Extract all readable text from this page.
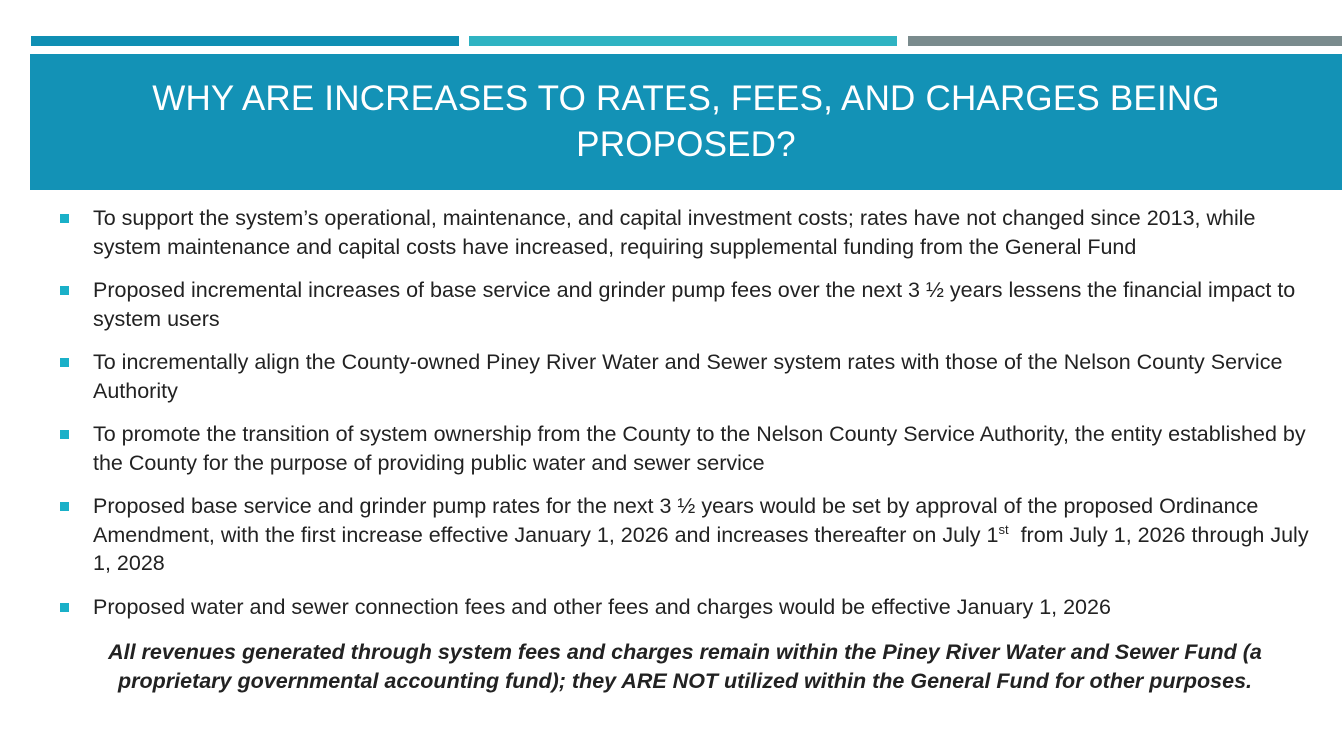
WHY ARE INCREASES TO RATES, FEES, AND CHARGES BEING PROPOSED?
To support the system’s operational, maintenance, and capital investment costs; rates have not changed since 2013, while system maintenance and capital costs have increased, requiring supplemental funding from the General Fund
Proposed incremental increases of base service and grinder pump fees over the next 3 ½ years lessens the financial impact to system users
To incrementally align the County-owned Piney River Water and Sewer system rates with those of the Nelson County Service Authority
To promote the transition of system ownership from the County to the Nelson County Service Authority, the entity established by the County for the purpose of providing public water and sewer service
Proposed base service and grinder pump rates for the next 3 ½ years would be set by approval of the proposed Ordinance Amendment, with the first increase effective January 1, 2026 and increases thereafter on July 1st  from July 1, 2026 through July 1, 2028
Proposed water and sewer connection fees and other fees and charges would be effective January 1, 2026

All revenues generated through system fees and charges remain within the Piney River Water and Sewer Fund (a proprietary governmental accounting fund); they ARE NOT utilized within the General Fund for other purposes.
